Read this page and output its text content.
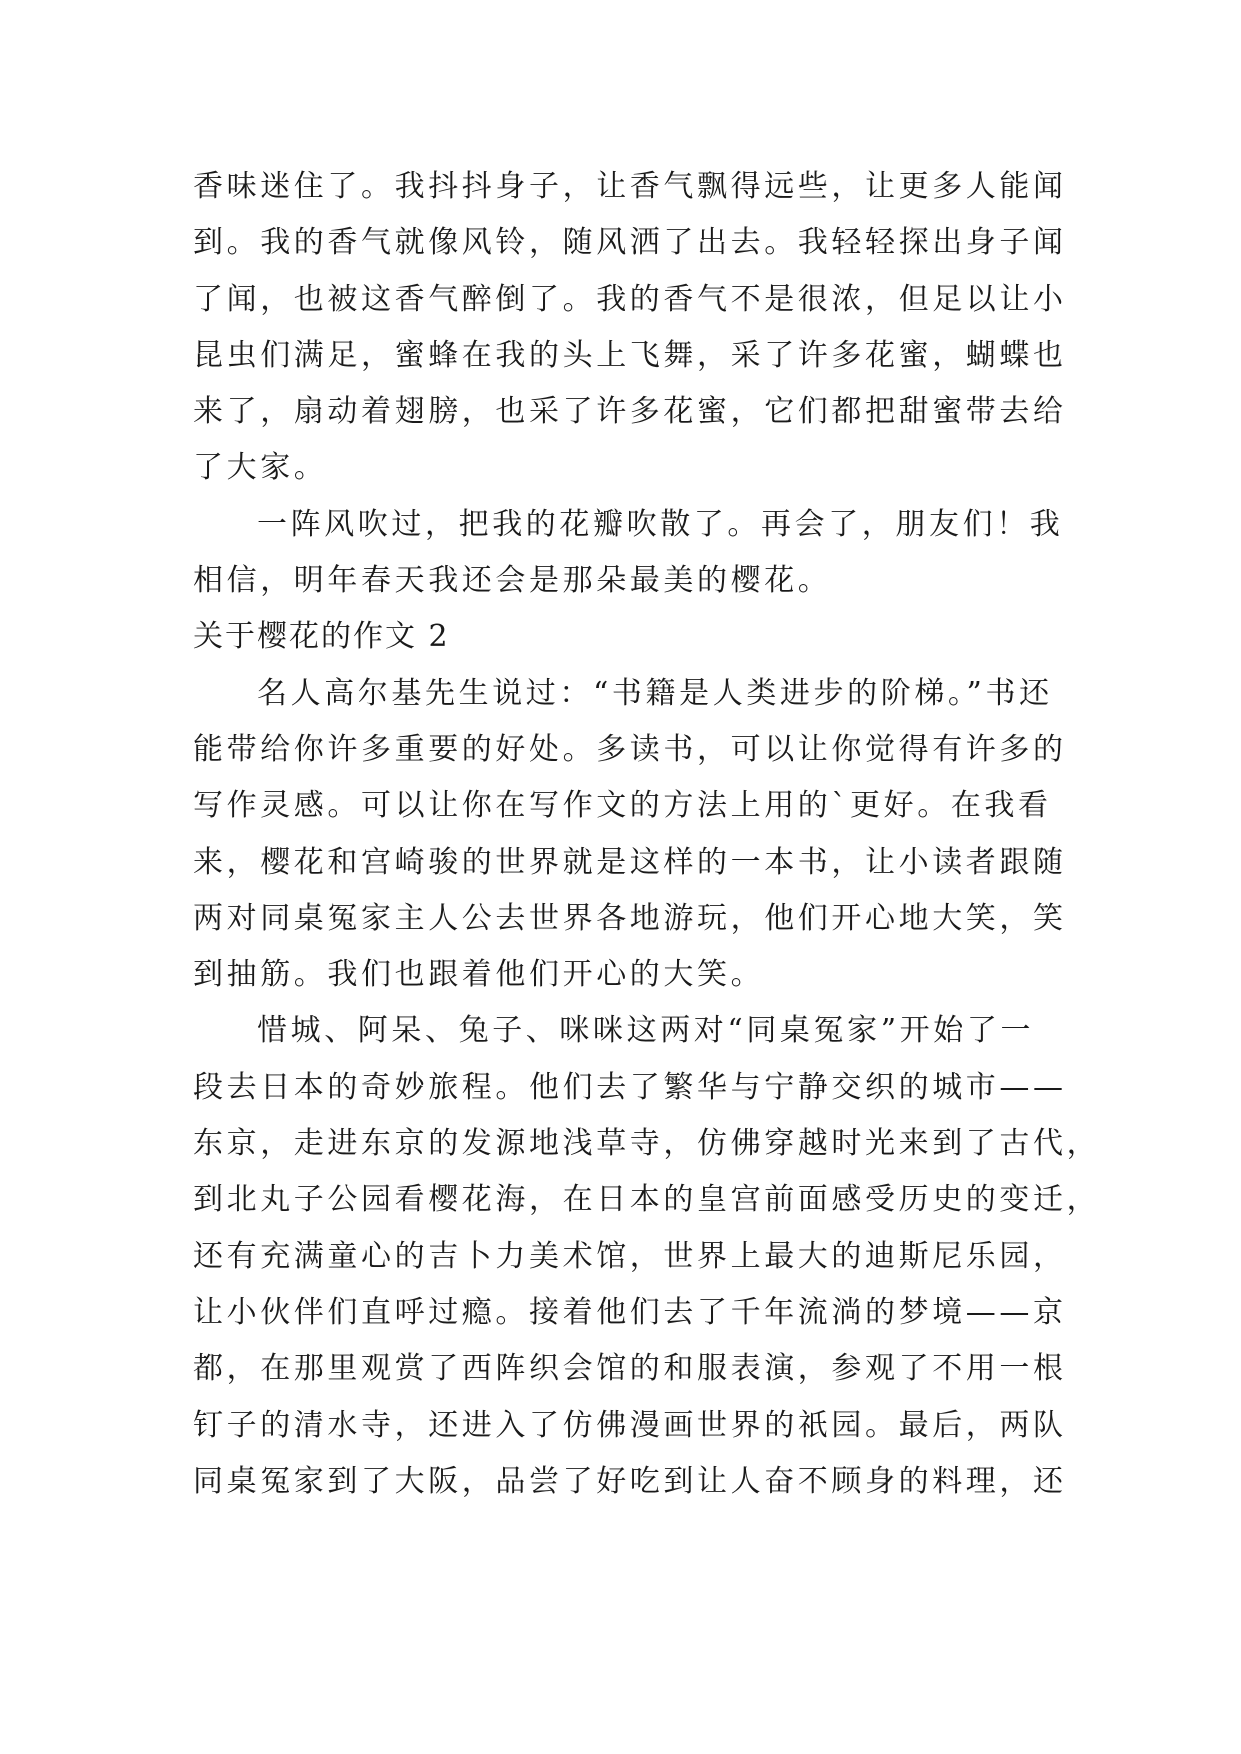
香味迷住了。我抖抖身子，让香气飘得远些，让更多人能闻
到。我的香气就像风铃，随风洒了出去。我轻轻探出身子闻
了闻，也被这香气醉倒了。我的香气不是很浓，但足以让小
昆虫们满足，蜜蜂在我的头上飞舞，采了许多花蜜，蝴蝶也
来了，扇动着翅膀，也采了许多花蜜，它们都把甜蜜带去给
了大家。
一阵风吹过，把我的花瓣吹散了。再会了，朋友们！我
相信，明年春天我还会是那朵最美的樱花。
关于樱花的作文 2
名人高尔基先生说过：“书籍是人类进步的阶梯。”书还
能带给你许多重要的好处。多读书，可以让你觉得有许多的
写作灵感。可以让你在写作文的方法上用的`更好。在我看
来，樱花和宫崎骏的世界就是这样的一本书，让小读者跟随
两对同桌冤家主人公去世界各地游玩，他们开心地大笑，笑
到抽筋。我们也跟着他们开心的大笑。
惜城、阿呆、兔子、咪咪这两对“同桌冤家”开始了一
段去日本的奇妙旅程。他们去了繁华与宁静交织的城市——
东京，走进东京的发源地浅草寺，仿佛穿越时光来到了古代，
到北丸子公园看樱花海，在日本的皇宫前面感受历史的变迁，
还有充满童心的吉卜力美术馆，世界上最大的迪斯尼乐园，
让小伙伴们直呼过瘾。接着他们去了千年流淌的梦境——京
都，在那里观赏了西阵织会馆的和服表演，参观了不用一根
钉子的清水寺，还进入了仿佛漫画世界的祇园。最后，两队
同桌冤家到了大阪，品尝了好吃到让人奋不顾身的料理，还
